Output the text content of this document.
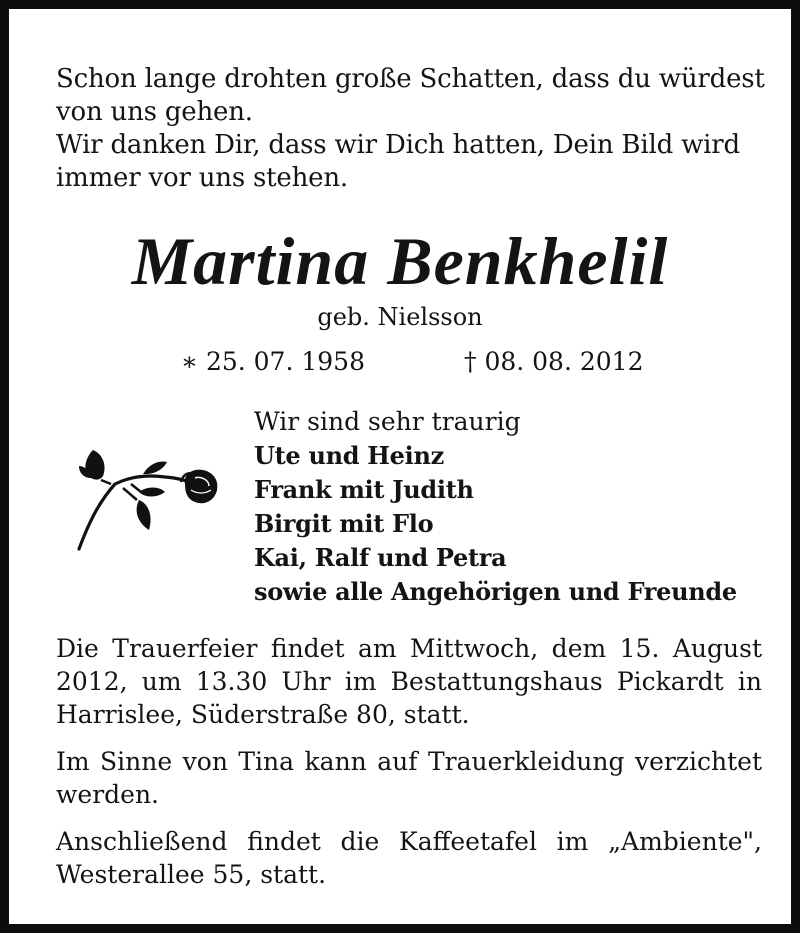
Schon lange drohten große Schatten, dass du würdest

von uns gehen.

Wir danken Dir, dass wir Dich hatten, Dein Bild wird

immer vor uns stehen.

Martina Benkhelil
geb. Nielsson
∗ 25. 07. 1958	† 08. 08. 2012
Wir sind sehr traurig
Ute und Heinz
Frank mit Judith
Birgit mit Flo
Kai, Ralf und Petra
sowie alle Angehörigen und Freunde

Die Trauerfeier findet am Mittwoch, dem 15. August 2012, um 13.30 Uhr im Bestattungshaus Pickardt in Harrislee, Süderstraße 80, statt.

Im Sinne von Tina kann auf Trauerkleidung verzichtet werden.

Anschließend findet die Kaffeetafel im „Ambiente", Westerallee 55, statt.
